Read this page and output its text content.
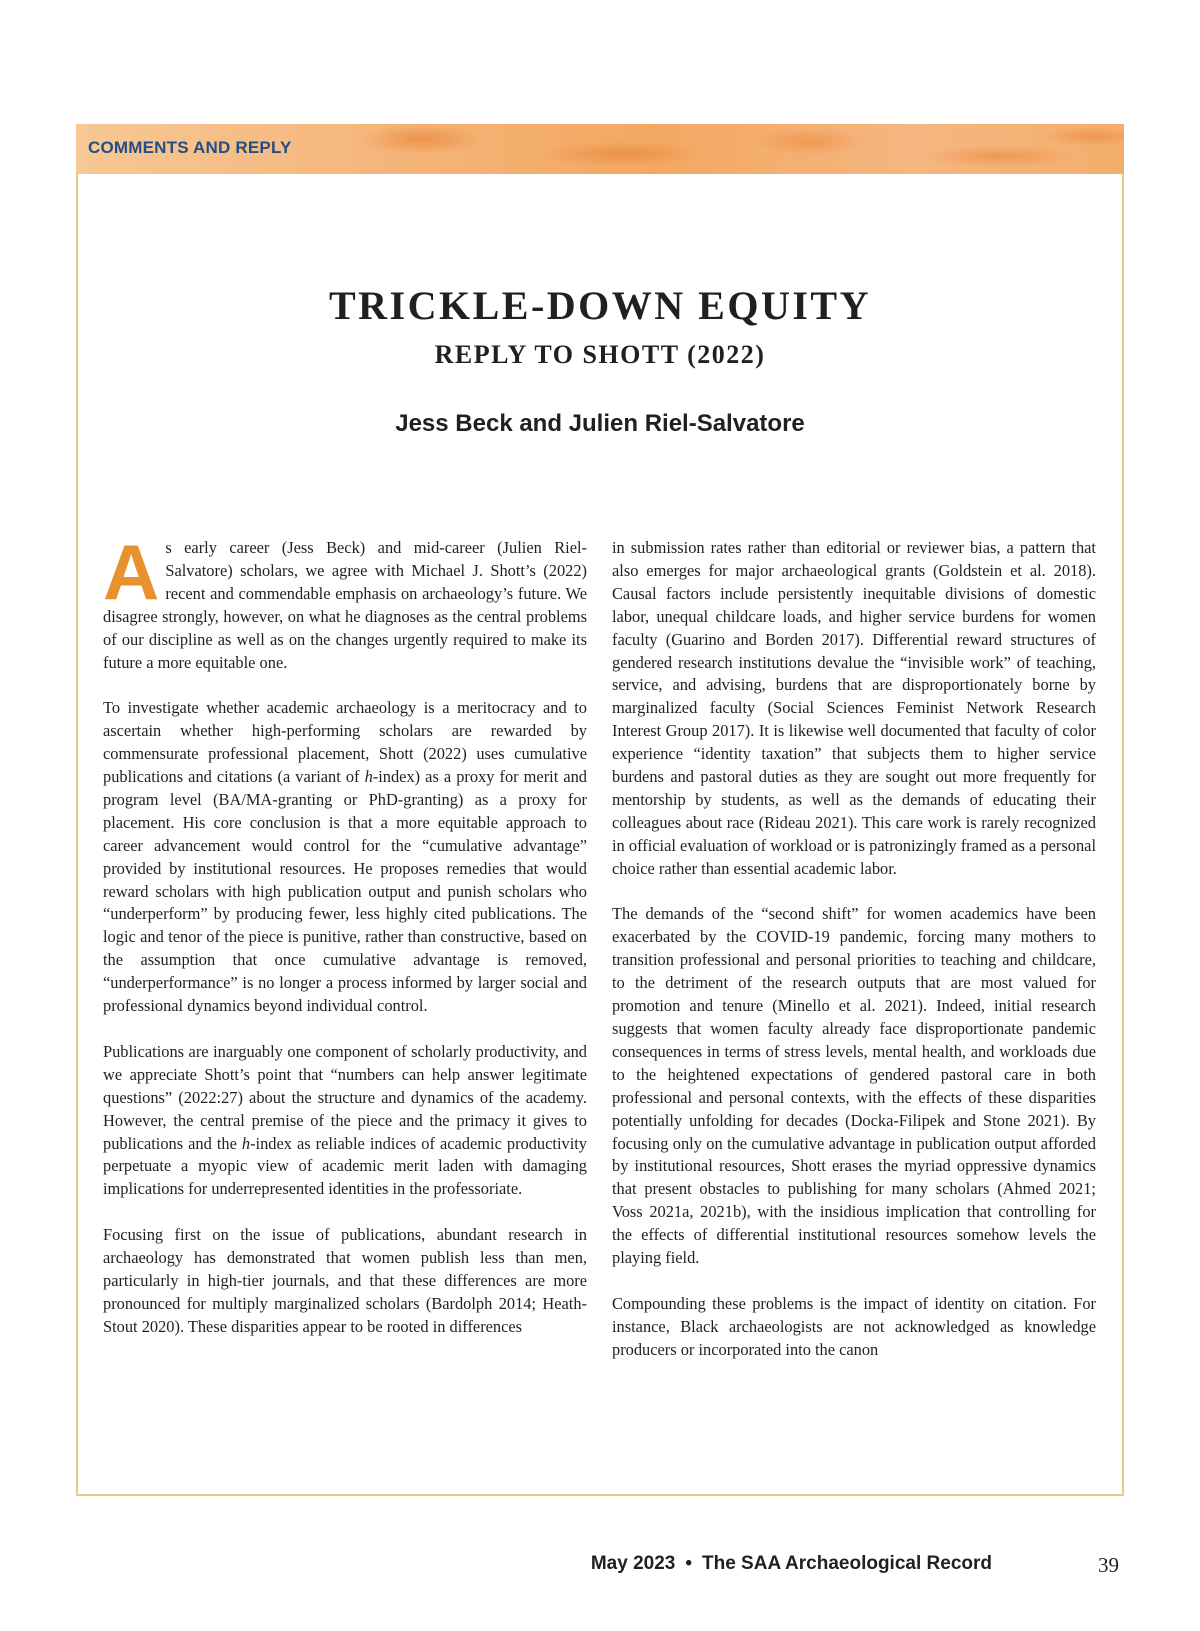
COMMENTS AND REPLY
TRICKLE-DOWN EQUITY
REPLY TO SHOTT (2022)
Jess Beck and Julien Riel-Salvatore

As early career (Jess Beck) and mid-career (Julien Riel-Salvatore) scholars, we agree with Michael J. Shott’s (2022) recent and commendable emphasis on archaeology’s future. We disagree strongly, however, on what he diagnoses as the central problems of our discipline as well as on the changes urgently required to make its future a more equitable one.

To investigate whether academic archaeology is a meritocracy and to ascertain whether high-performing scholars are rewarded by commensurate professional placement, Shott (2022) uses cumulative publications and citations (a variant of h-index) as a proxy for merit and program level (BA/MA-granting or PhD-granting) as a proxy for placement. His core conclusion is that a more equitable approach to career advancement would control for the “cumulative advantage” provided by institutional resources. He proposes remedies that would reward scholars with high publication output and punish scholars who “underperform” by producing fewer, less highly cited publications. The logic and tenor of the piece is punitive, rather than constructive, based on the assumption that once cumulative advantage is removed, “underperformance” is no longer a process informed by larger social and professional dynamics beyond individual control.

Publications are inarguably one component of scholarly productivity, and we appreciate Shott’s point that “numbers can help answer legitimate questions” (2022:27) about the structure and dynamics of the academy. However, the central premise of the piece and the primacy it gives to publications and the h-index as reliable indices of academic productivity perpetuate a myopic view of academic merit laden with damaging implications for underrepresented identities in the professoriate.

Focusing first on the issue of publications, abundant research in archaeology has demonstrated that women publish less than men, particularly in high-tier journals, and that these differences are more pronounced for multiply marginalized scholars (Bardolph 2014; Heath-Stout 2020). These disparities appear to be rooted in differences

in submission rates rather than editorial or reviewer bias, a pattern that also emerges for major archaeological grants (Goldstein et al. 2018). Causal factors include persistently inequitable divisions of domestic labor, unequal childcare loads, and higher service burdens for women faculty (Guarino and Borden 2017). Differential reward structures of gendered research institutions devalue the “invisible work” of teaching, service, and advising, burdens that are disproportionately borne by marginalized faculty (Social Sciences Feminist Network Research Interest Group 2017). It is likewise well documented that faculty of color experience “identity taxation” that subjects them to higher service burdens and pastoral duties as they are sought out more frequently for mentorship by students, as well as the demands of educating their colleagues about race (Rideau 2021). This care work is rarely recognized in official evaluation of workload or is patronizingly framed as a personal choice rather than essential academic labor.

The demands of the “second shift” for women academics have been exacerbated by the COVID-19 pandemic, forcing many mothers to transition professional and personal priorities to teaching and childcare, to the detriment of the research outputs that are most valued for promotion and tenure (Minello et al. 2021). Indeed, initial research suggests that women faculty already face disproportionate pandemic consequences in terms of stress levels, mental health, and workloads due to the heightened expectations of gendered pastoral care in both professional and personal contexts, with the effects of these disparities potentially unfolding for decades (Docka-Filipek and Stone 2021). By focusing only on the cumulative advantage in publication output afforded by institutional resources, Shott erases the myriad oppressive dynamics that present obstacles to publishing for many scholars (Ahmed 2021; Voss 2021a, 2021b), with the insidious implication that controlling for the effects of differential institutional resources somehow levels the playing field.

Compounding these problems is the impact of identity on citation. For instance, Black archaeologists are not acknowledged as knowledge producers or incorporated into the canon

May 2023 • The SAA Archaeological Record	39
